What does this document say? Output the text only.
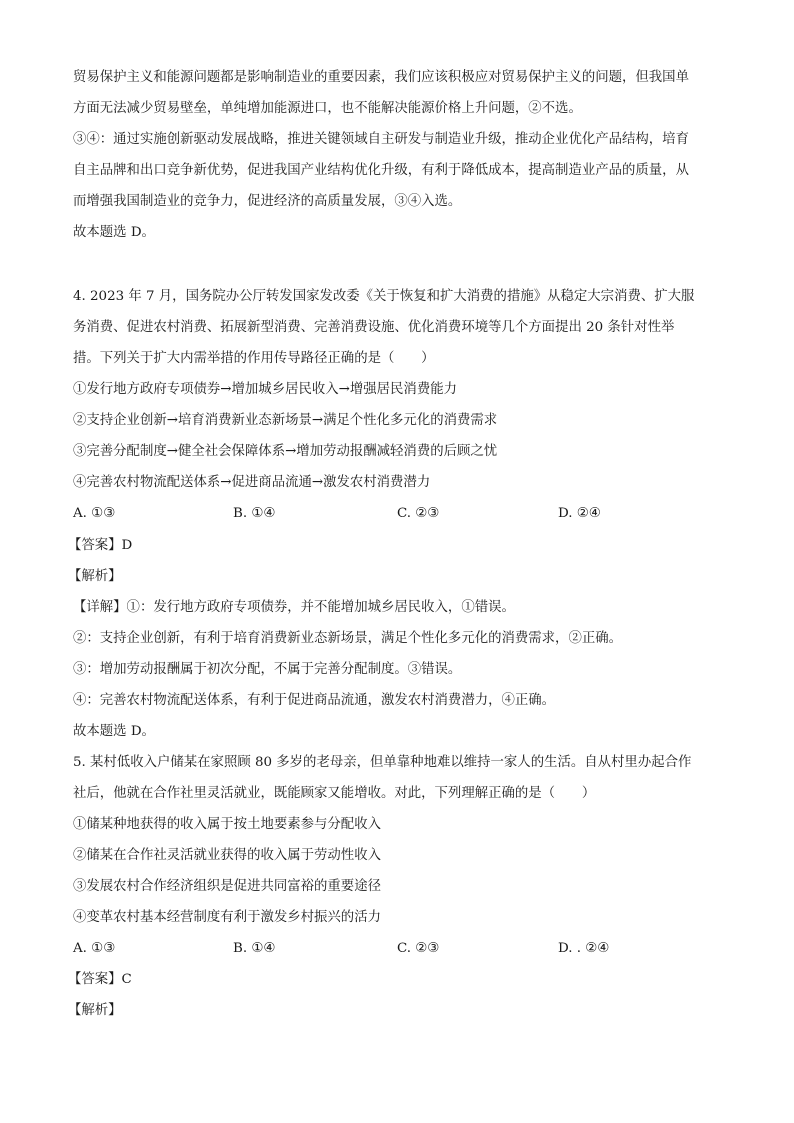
贸易保护主义和能源问题都是影响制造业的重要因素，我们应该积极应对贸易保护主义的问题，但我国单
方面无法减少贸易壁垒，单纯增加能源进口，也不能解决能源价格上升问题，②不选。
③④：通过实施创新驱动发展战略，推进关键领域自主研发与制造业升级，推动企业优化产品结构，培育
自主品牌和出口竞争新优势，促进我国产业结构优化升级，有利于降低成本，提高制造业产品的质量，从
而增强我国制造业的竞争力，促进经济的高质量发展，③④入选。
故本题选 D。
4. 2023 年 7 月，国务院办公厅转发国家发改委《关于恢复和扩大消费的措施》从稳定大宗消费、扩大服
务消费、促进农村消费、拓展新型消费、完善消费设施、优化消费环境等几个方面提出 20 条针对性举
措。下列关于扩大内需举措的作用传导路径正确的是（　　）
①发行地方政府专项债券→增加城乡居民收入→增强居民消费能力
②支持企业创新→培育消费新业态新场景→满足个性化多元化的消费需求
③完善分配制度→健全社会保障体系→增加劳动报酬减轻消费的后顾之忧
④完善农村物流配送体系→促进商品流通→激发农村消费潜力
A. ①③	B. ①④	C. ②③	D. ②④
【答案】D
【解析】
【详解】①：发行地方政府专项债券，并不能增加城乡居民收入，①错误。
②：支持企业创新，有利于培育消费新业态新场景，满足个性化多元化的消费需求，②正确。
③：增加劳动报酬属于初次分配，不属于完善分配制度。③错误。
④：完善农村物流配送体系，有利于促进商品流通，激发农村消费潜力，④正确。
故本题选 D。
5. 某村低收入户储某在家照顾 80 多岁的老母亲，但单靠种地难以维持一家人的生活。自从村里办起合作
社后，他就在合作社里灵活就业，既能顾家又能增收。对此，下列理解正确的是（　　）
①储某种地获得的收入属于按土地要素参与分配收入
②储某在合作社灵活就业获得的收入属于劳动性收入
③发展农村合作经济组织是促进共同富裕的重要途径
④变革农村基本经营制度有利于激发乡村振兴的活力
A. ①③	B. ①④	C. ②③	D. . ②④
【答案】C
【解析】
